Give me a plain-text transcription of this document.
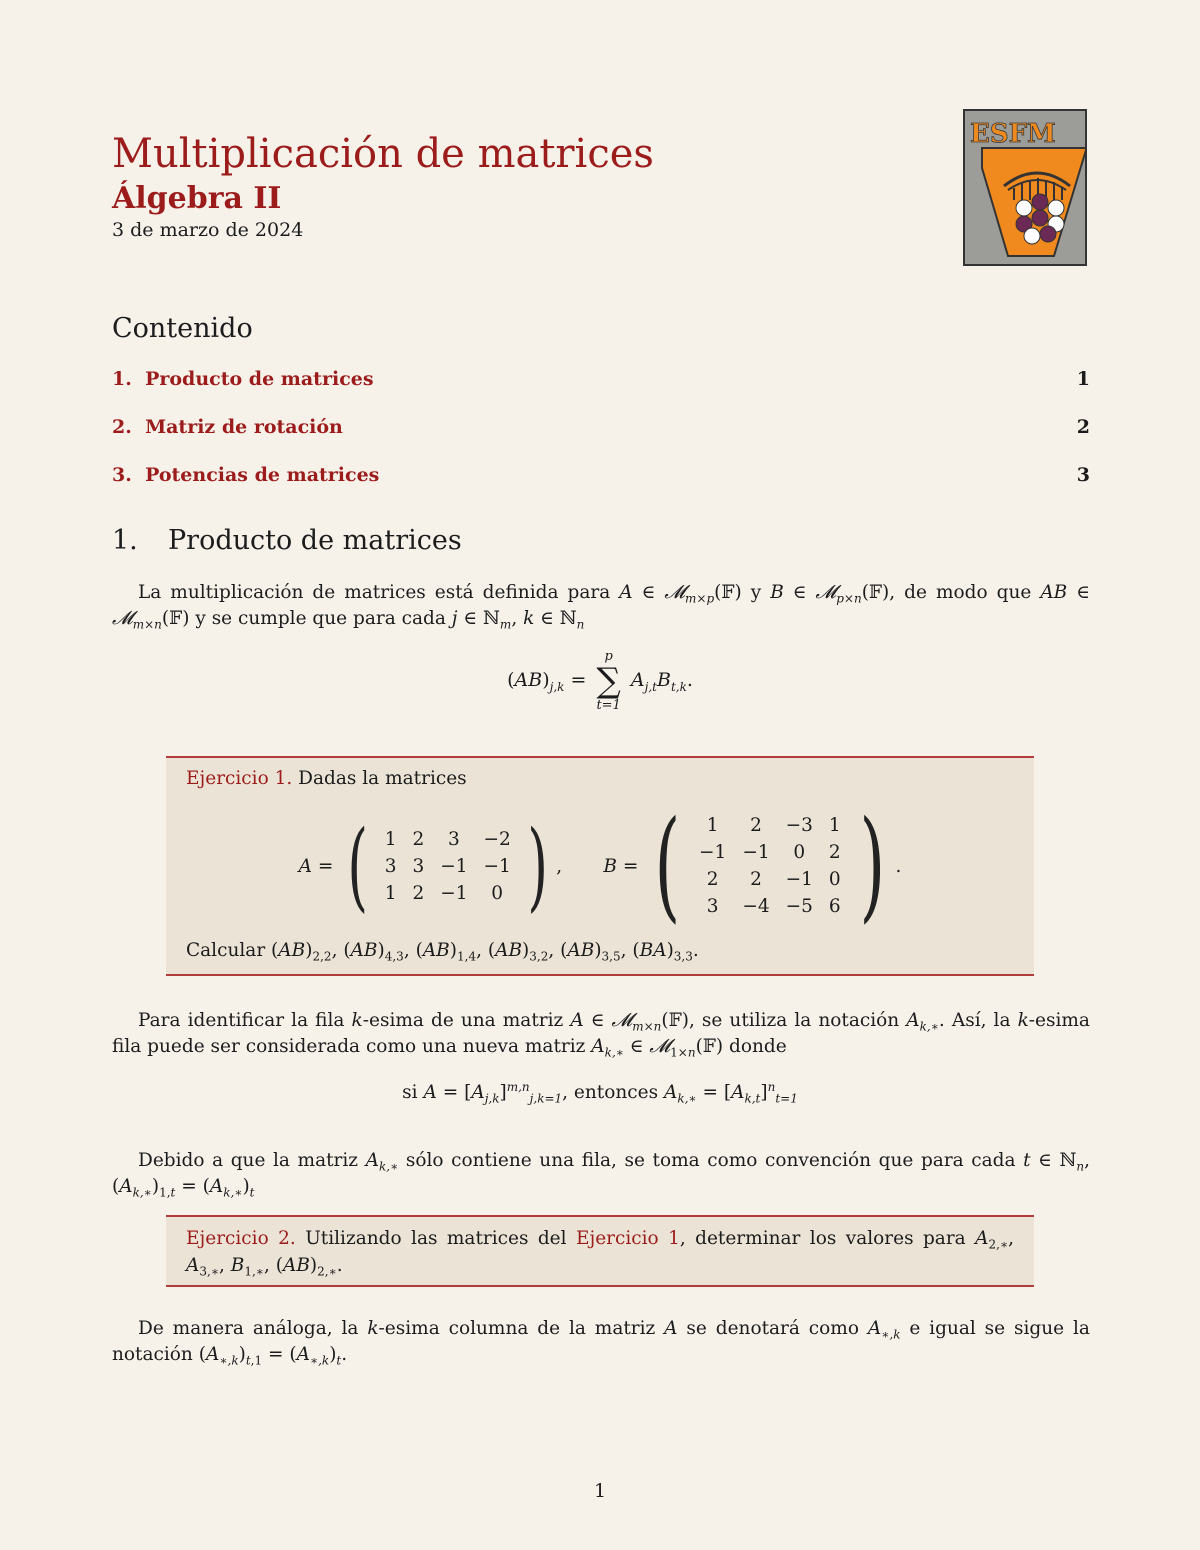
Multiplicación de matrices
Álgebra II
3 de marzo de 2024
ESFM
Contenido
1. Producto de matrices	1
2. Matriz de rotación	2
3. Potencias de matrices	3
1. Producto de matrices
La multiplicación de matrices está definida para A ∈ 𝓜$_{m\times p}$(𝔽) y B ∈ 𝓜$_{p\times n}$(𝔽), de modo que AB ∈ 𝓜$_{m\times n}$(𝔽) y se cumple que para cada j ∈ ℕ$_m$, k ∈ ℕ$_n$
$(AB)_{j,k}$ =
p
∑
t=1
$A_{j,t}B_{t,k}$.
Ejercicio 1. Dadas la matrices
A = ( 1 2	3	−2
3 3 −1 −1
1 2 −1	0 ) , B = (	1	2	−3 1
−1 −1	0	2
2	2	−1 0
3	−4 −5 6 ) .
Calcular $(AB)_{2,2}$, $(AB)_{4,3}$, $(AB)_{1,4}$, $(AB)_{3,2}$, $(AB)_{3,5}$, $(BA)_{3,3}$.
Para identificar la fila k-esima de una matriz A ∈ 𝓜$_{m\times n}$(𝔽), se utiliza la notación $A_{k,∗}$. Así, la k-esima fila puede ser considerada como una nueva matriz $A_{k,∗}$ ∈ 𝓜$_{1\times n}$(𝔽) donde
si $A = [A_{j,k}]^{m,n}_{j,k=1}$, entonces $A_{k,∗} = [A_{k,t}]^n_{t=1}$
Debido a que la matriz $A_{k,∗}$ sólo contiene una fila, se toma como convención que para cada t ∈ ℕ$_n$, $(A_{k,∗})_{1,t} = (A_{k,∗})_t$
Ejercicio 2. Utilizando las matrices del Ejercicio 1, determinar los valores para $A_{2,∗}$, $A_{3,∗}$, $B_{1,∗}$, $(AB)_{2,∗}$.
De manera análoga, la k-esima columna de la matriz A se denotará como $A_{∗,k}$ e igual se sigue la notación $(A_{∗,k})_{t,1} = (A_{∗,k})_t$.
1
